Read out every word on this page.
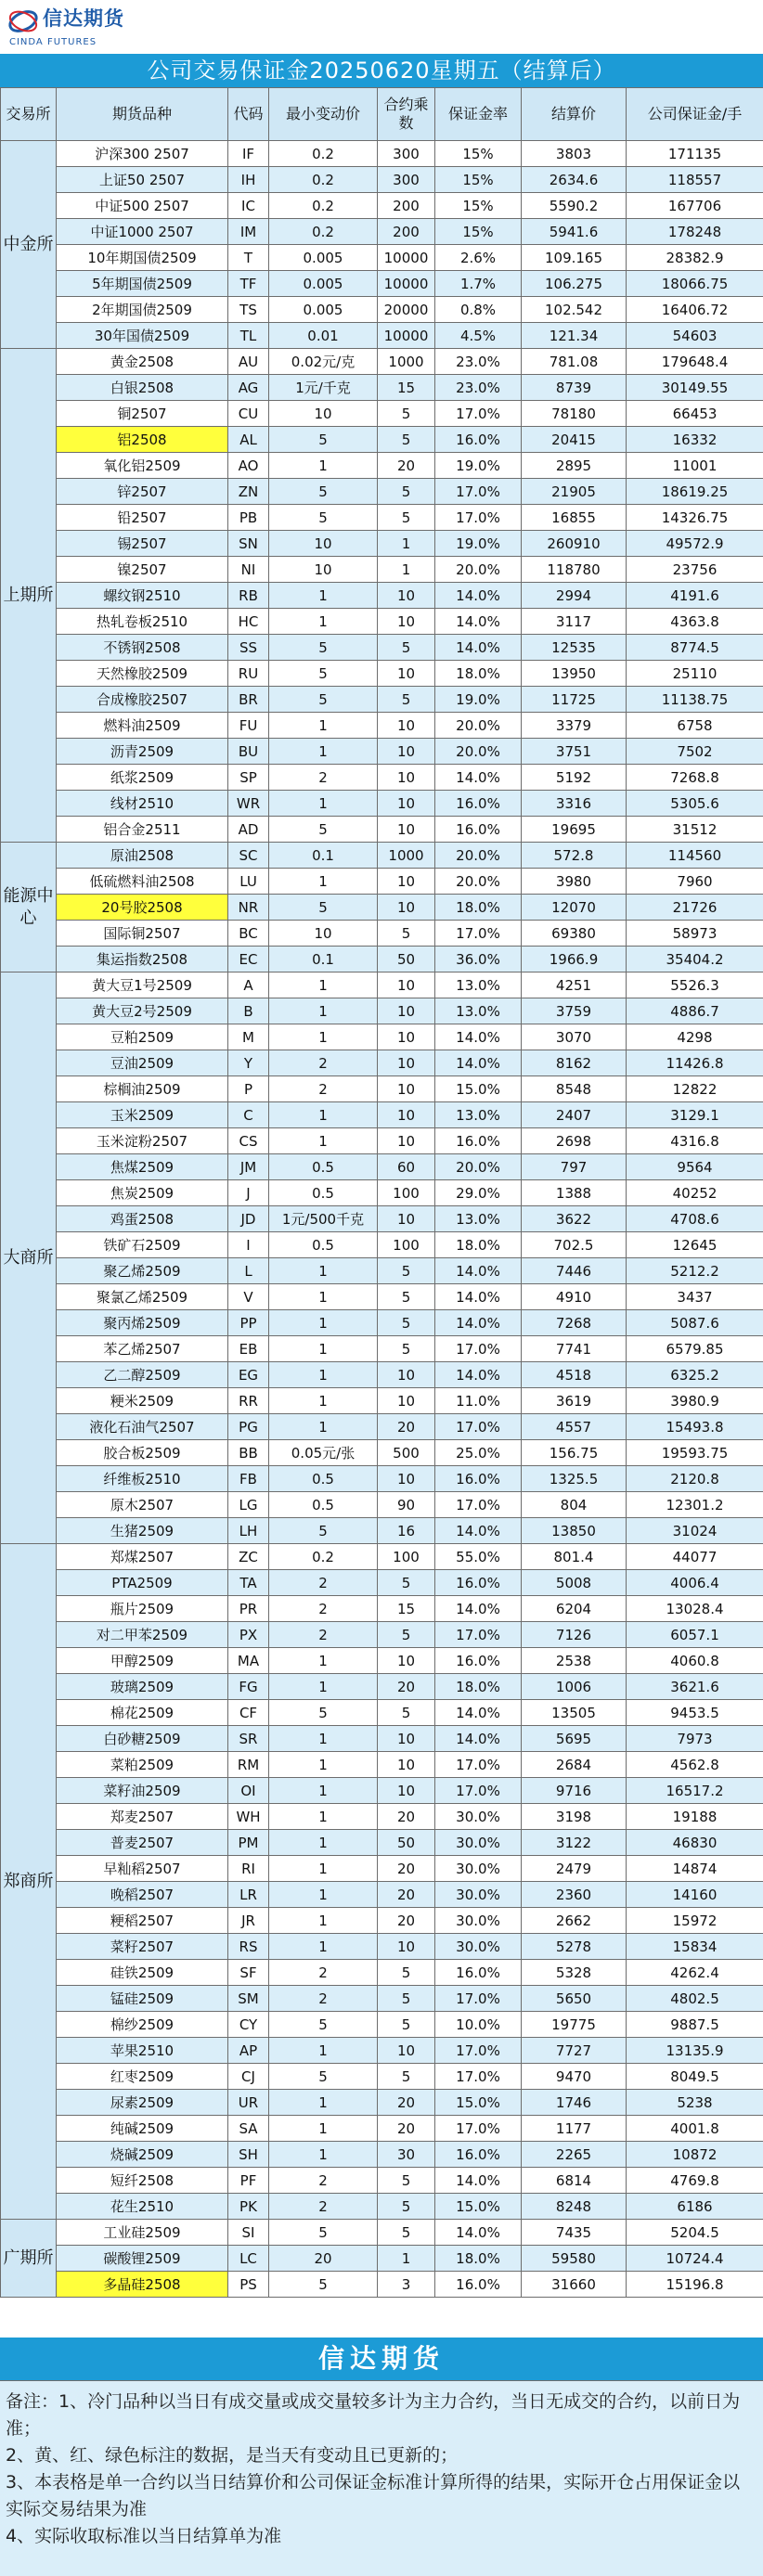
信达期货
CINDA FUTURES
公司交易保证金20250620星期五（结算后）
交易所	期货品种	代码	最小变动价	合约乘数	保证金率	结算价	公司保证金/手
中金所	沪深300 2507	IF	0.2	300	15%	3803	171135
	上证50 2507	IH	0.2	300	15%	2634.6	118557
	中证500 2507	IC	0.2	200	15%	5590.2	167706
	中证1000 2507	IM	0.2	200	15%	5941.6	178248
	10年期国债2509	T	0.005	10000	2.6%	109.165	28382.9
	5年期国债2509	TF	0.005	10000	1.7%	106.275	18066.75
	2年期国债2509	TS	0.005	20000	0.8%	102.542	16406.72
	30年国债2509	TL	0.01	10000	4.5%	121.34	54603
上期所	黄金2508	AU	0.02元/克	1000	23.0%	781.08	179648.4
	白银2508	AG	1元/千克	15	23.0%	8739	30149.55
	铜2507	CU	10	5	17.0%	78180	66453
	铝2508	AL	5	5	16.0%	20415	16332
	氧化铝2509	AO	1	20	19.0%	2895	11001
	锌2507	ZN	5	5	17.0%	21905	18619.25
	铅2507	PB	5	5	17.0%	16855	14326.75
	锡2507	SN	10	1	19.0%	260910	49572.9
	镍2507	NI	10	1	20.0%	118780	23756
	螺纹钢2510	RB	1	10	14.0%	2994	4191.6
	热轧卷板2510	HC	1	10	14.0%	3117	4363.8
	不锈钢2508	SS	5	5	14.0%	12535	8774.5
	天然橡胶2509	RU	5	10	18.0%	13950	25110
	合成橡胶2507	BR	5	5	19.0%	11725	11138.75
	燃料油2509	FU	1	10	20.0%	3379	6758
	沥青2509	BU	1	10	20.0%	3751	7502
	纸浆2509	SP	2	10	14.0%	5192	7268.8
	线材2510	WR	1	10	16.0%	3316	5305.6
	铝合金2511	AD	5	10	16.0%	19695	31512
能源中心	原油2508	SC	0.1	1000	20.0%	572.8	114560
	低硫燃料油2508	LU	1	10	20.0%	3980	7960
	20号胶2508	NR	5	10	18.0%	12070	21726
	国际铜2507	BC	10	5	17.0%	69380	58973
	集运指数2508	EC	0.1	50	36.0%	1966.9	35404.2
大商所	黄大豆1号2509	A	1	10	13.0%	4251	5526.3
	黄大豆2号2509	B	1	10	13.0%	3759	4886.7
	豆粕2509	M	1	10	14.0%	3070	4298
	豆油2509	Y	2	10	14.0%	8162	11426.8
	棕榈油2509	P	2	10	15.0%	8548	12822
	玉米2509	C	1	10	13.0%	2407	3129.1
	玉米淀粉2507	CS	1	10	16.0%	2698	4316.8
	焦煤2509	JM	0.5	60	20.0%	797	9564
	焦炭2509	J	0.5	100	29.0%	1388	40252
	鸡蛋2508	JD	1元/500千克	10	13.0%	3622	4708.6
	铁矿石2509	I	0.5	100	18.0%	702.5	12645
	聚乙烯2509	L	1	5	14.0%	7446	5212.2
	聚氯乙烯2509	V	1	5	14.0%	4910	3437
	聚丙烯2509	PP	1	5	14.0%	7268	5087.6
	苯乙烯2507	EB	1	5	17.0%	7741	6579.85
	乙二醇2509	EG	1	10	14.0%	4518	6325.2
	粳米2509	RR	1	10	11.0%	3619	3980.9
	液化石油气2507	PG	1	20	17.0%	4557	15493.8
	胶合板2509	BB	0.05元/张	500	25.0%	156.75	19593.75
	纤维板2510	FB	0.5	10	16.0%	1325.5	2120.8
	原木2507	LG	0.5	90	17.0%	804	12301.2
	生猪2509	LH	5	16	14.0%	13850	31024
郑商所	郑煤2507	ZC	0.2	100	55.0%	801.4	44077
	PTA2509	TA	2	5	16.0%	5008	4006.4
	瓶片2509	PR	2	15	14.0%	6204	13028.4
	对二甲苯2509	PX	2	5	17.0%	7126	6057.1
	甲醇2509	MA	1	10	16.0%	2538	4060.8
	玻璃2509	FG	1	20	18.0%	1006	3621.6
	棉花2509	CF	5	5	14.0%	13505	9453.5
	白砂糖2509	SR	1	10	14.0%	5695	7973
	菜粕2509	RM	1	10	17.0%	2684	4562.8
	菜籽油2509	OI	1	10	17.0%	9716	16517.2
	郑麦2507	WH	1	20	30.0%	3198	19188
	普麦2507	PM	1	50	30.0%	3122	46830
	早籼稻2507	RI	1	20	30.0%	2479	14874
	晚稻2507	LR	1	20	30.0%	2360	14160
	粳稻2507	JR	1	20	30.0%	2662	15972
	菜籽2507	RS	1	10	30.0%	5278	15834
	硅铁2509	SF	2	5	16.0%	5328	4262.4
	锰硅2509	SM	2	5	17.0%	5650	4802.5
	棉纱2509	CY	5	5	10.0%	19775	9887.5
	苹果2510	AP	1	10	17.0%	7727	13135.9
	红枣2509	CJ	5	5	17.0%	9470	8049.5
	尿素2509	UR	1	20	15.0%	1746	5238
	纯碱2509	SA	1	20	17.0%	1177	4001.8
	烧碱2509	SH	1	30	16.0%	2265	10872
	短纤2508	PF	2	5	14.0%	6814	4769.8
	花生2510	PK	2	5	15.0%	8248	6186
广期所	工业硅2509	SI	5	5	14.0%	7435	5204.5
	碳酸锂2509	LC	20	1	18.0%	59580	10724.4
	多晶硅2508	PS	5	3	16.0%	31660	15196.8
信达期货

备注：1、冷门品种以当日有成交量或成交量较多计为主力合约，当日无成交的合约，以前日为准；

2、黄、红、绿色标注的数据，是当天有变动且已更新的；

3、本表格是单一合约以当日结算价和公司保证金标准计算所得的结果，实际开仓占用保证金以实际交易结果为准

4、实际收取标准以当日结算单为准
